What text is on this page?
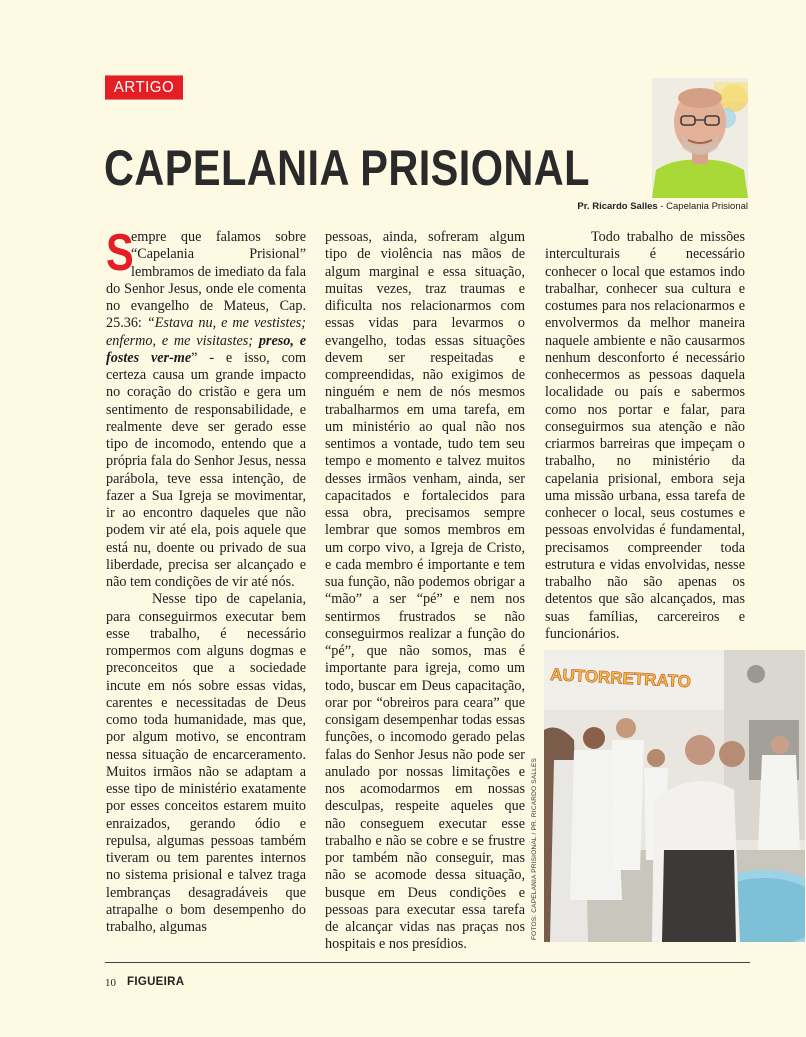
ARTIGO
CAPELANIA PRISIONAL
Pr. Ricardo Salles - Capelania Prisional

S
empre que falamos sobre “Capelania Prisional” lembramos de imediato da fala do Senhor Jesus, onde ele comenta no evangelho de Mateus, Cap. 25.36: “Estava nu, e me vestistes; enfermo, e me visitastes; preso, e fostes ver-me” - e isso, com certeza causa um grande impacto no coração do cristão e gera um sentimento de responsabilidade, e realmente deve ser gerado esse tipo de incomodo, entendo que a própria fala do Senhor Jesus, nessa parábola, teve essa intenção, de fazer a Sua Igreja se movimentar, ir ao encontro daqueles que não podem vir até ela, pois aquele que está nu, doente ou privado de sua liberdade, precisa ser alcançado e não tem condições de vir até nós.

Nesse tipo de capelania, para conseguirmos executar bem esse trabalho, é necessário rompermos com alguns dogmas e preconceitos que a sociedade incute em nós sobre essas vidas, carentes e necessitadas de Deus como toda humanidade, mas que, por algum motivo, se encontram nessa situação de encarceramento. Muitos irmãos não se adaptam a esse tipo de ministério exatamente por esses conceitos estarem muito enraizados, gerando ódio e repulsa, algumas pessoas também tiveram ou tem parentes internos no sistema prisional e talvez traga lembranças desagradáveis que atrapalhe o bom desempenho do trabalho, algumas

pessoas, ainda, sofreram algum tipo de violência nas mãos de algum marginal e essa situação, muitas vezes, traz traumas e dificulta nos relacionarmos com essas vidas para levarmos o evangelho, todas essas situações devem ser respeitadas e compreendidas, não exigimos de ninguém e nem de nós mesmos trabalharmos em uma tarefa, em um ministério ao qual não nos sentimos a vontade, tudo tem seu tempo e momento e talvez muitos desses irmãos venham, ainda, ser capacitados e fortalecidos para essa obra, precisamos sempre lembrar que somos membros em um corpo vivo, a Igreja de Cristo, e cada membro é importante e tem sua função, não podemos obrigar a “mão” a ser “pé” e nem nos sentirmos frustrados se não conseguirmos realizar a função do “pé”, que não somos, mas é importante para igreja, como um todo, buscar em Deus capacitação, orar por “obreiros para ceara” que consigam desempenhar todas essas funções, o incomodo gerado pelas falas do Senhor Jesus não pode ser anulado por nossas limitações e nos acomodarmos em nossas desculpas, respeite aqueles que não conseguem executar esse trabalho e não se cobre e se frustre por também não conseguir, mas não se acomode dessa situação, busque em Deus condições e pessoas para executar essa tarefa de alcançar vidas nas praças nos hospitais e nos presídios.

Todo trabalho de missões interculturais é necessário conhecer o local que estamos indo trabalhar, conhecer sua cultura e costumes para nos relacionarmos e envolvermos da melhor maneira naquele ambiente e não causarmos nenhum desconforto é necessário conhecermos as pessoas daquela localidade ou país e sabermos como nos portar e falar, para conseguirmos sua atenção e não criarmos barreiras que impeçam o trabalho, no ministério da capelania prisional, embora seja uma missão urbana, essa tarefa de conhecer o local, seus costumes e pessoas envolvidas é fundamental, precisamos compreender toda estrutura e vidas envolvidas, nesse trabalho não são apenas os detentos que são alcançados, mas suas famílias, carcereiros e funcionários.

AUTORRETRATO
FOTOS: CAPELANIA PRISIONAL / PR. RICARDO SALLES
10 FIGUEIRA
